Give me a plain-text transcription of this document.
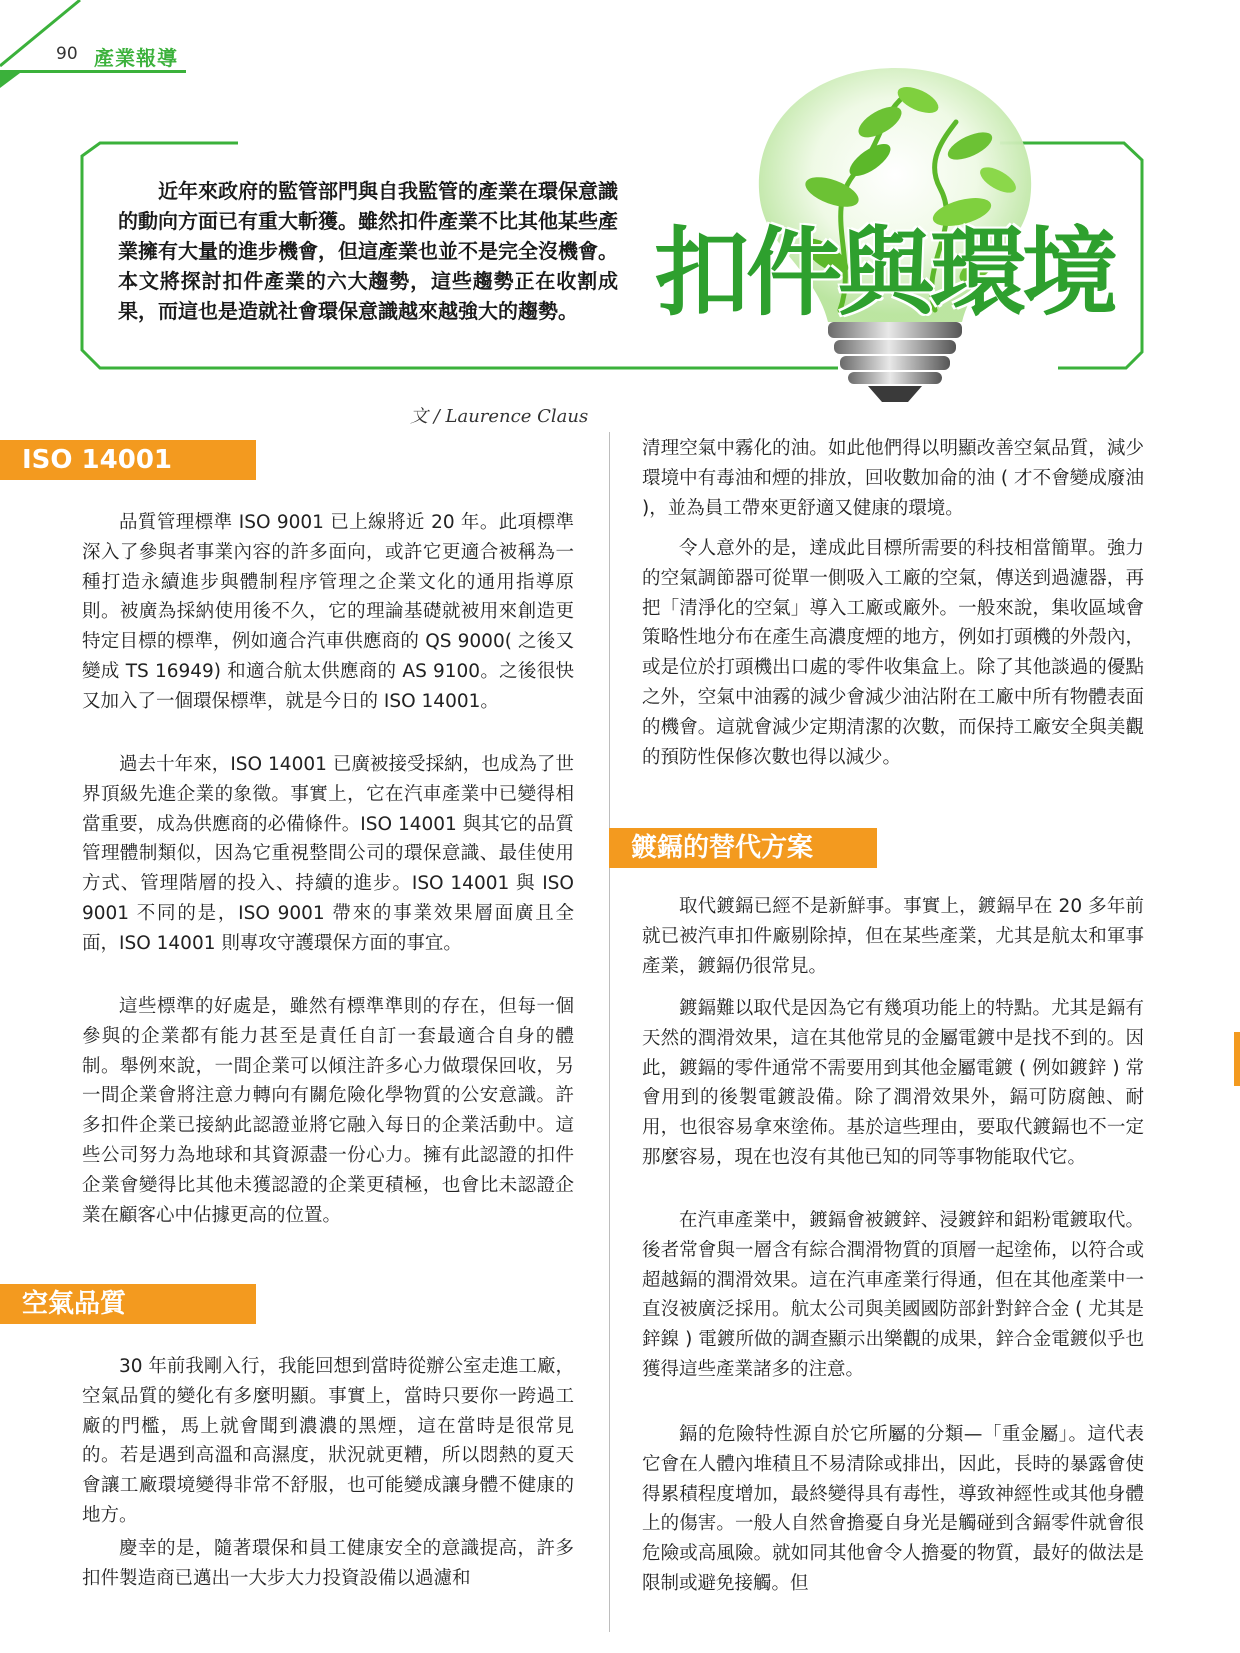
90 產業報導

近年來政府的監管部門與自我監管的產業在環保意識的動向方面已有重大斬獲。雖然扣件產業不比其他某些產業擁有大量的進步機會，但這產業也並不是完全沒機會。本文將探討扣件產業的六大趨勢，這些趨勢正在收割成果，而這也是造就社會環保意識越來越強大的趨勢。 扣件與環境
文 / Laurence Claus
ISO 14001

品質管理標準 ISO 9001 已上線將近 20 年。此項標準深入了參與者事業內容的許多面向，或許它更適合被稱為一種打造永續進步與體制程序管理之企業文化的通用指導原則。被廣為採納使用後不久，它的理論基礎就被用來創造更特定目標的標準，例如適合汽車供應商的 QS 9000( 之後又變成 TS 16949) 和適合航太供應商的 AS 9100。之後很快又加入了一個環保標準，就是今日的 ISO 14001。

過去十年來，ISO 14001 已廣被接受採納，也成為了世界頂級先進企業的象徵。事實上，它在汽車產業中已變得相當重要，成為供應商的必備條件。ISO 14001 與其它的品質管理體制類似，因為它重視整間公司的環保意識、最佳使用方式、管理階層的投入、持續的進步。ISO 14001 與 ISO 9001 不同的是，ISO 9001 帶來的事業效果層面廣且全面，ISO 14001 則專攻守護環保方面的事宜。

這些標準的好處是，雖然有標準準則的存在，但每一個參與的企業都有能力甚至是責任自訂一套最適合自身的體制。舉例來說，一間企業可以傾注許多心力做環保回收，另一間企業會將注意力轉向有關危險化學物質的公安意識。許多扣件企業已接納此認證並將它融入每日的企業活動中。這些公司努力為地球和其資源盡一份心力。擁有此認證的扣件企業會變得比其他未獲認證的企業更積極，也會比未認證企業在顧客心中佔據更高的位置。

空氣品質

30 年前我剛入行，我能回想到當時從辦公室走進工廠，空氣品質的變化有多麼明顯。事實上，當時只要你一跨過工廠的門檻，馬上就會聞到濃濃的黑煙，這在當時是很常見的。若是遇到高溫和高濕度，狀況就更糟，所以悶熱的夏天會讓工廠環境變得非常不舒服，也可能變成讓身體不健康的地方。

慶幸的是，隨著環保和員工健康安全的意識提高，許多扣件製造商已邁出一大步大力投資設備以過濾和

清理空氣中霧化的油。如此他們得以明顯改善空氣品質，減少環境中有毒油和煙的排放，回收數加侖的油 ( 才不會變成廢油 )，並為員工帶來更舒適又健康的環境。

令人意外的是，達成此目標所需要的科技相當簡單。強力的空氣調節器可從單一側吸入工廠的空氣，傳送到過濾器，再把「清淨化的空氣」導入工廠或廠外。一般來說，集收區域會策略性地分布在產生高濃度煙的地方，例如打頭機的外殼內，或是位於打頭機出口處的零件收集盒上。除了其他談過的優點之外，空氣中油霧的減少會減少油沾附在工廠中所有物體表面的機會。這就會減少定期清潔的次數，而保持工廠安全與美觀的預防性保修次數也得以減少。

鍍鎘的替代方案

取代鍍鎘已經不是新鮮事。事實上，鍍鎘早在 20 多年前就已被汽車扣件廠剔除掉，但在某些產業，尤其是航太和軍事產業，鍍鎘仍很常見。

鍍鎘難以取代是因為它有幾項功能上的特點。尤其是鎘有天然的潤滑效果，這在其他常見的金屬電鍍中是找不到的。因此，鍍鎘的零件通常不需要用到其他金屬電鍍 ( 例如鍍鋅 ) 常會用到的後製電鍍設備。除了潤滑效果外，鎘可防腐蝕、耐用，也很容易拿來塗佈。基於這些理由，要取代鍍鎘也不一定那麼容易，現在也沒有其他已知的同等事物能取代它。

在汽車產業中，鍍鎘會被鍍鋅、浸鍍鋅和鋁粉電鍍取代。後者常會與一層含有綜合潤滑物質的頂層一起塗佈，以符合或超越鎘的潤滑效果。這在汽車產業行得通，但在其他產業中一直沒被廣泛採用。航太公司與美國國防部針對鋅合金 ( 尤其是鋅鎳 ) 電鍍所做的調查顯示出樂觀的成果，鋅合金電鍍似乎也獲得這些產業諸多的注意。

鎘的危險特性源自於它所屬的分類—「重金屬」。這代表它會在人體內堆積且不易清除或排出，因此，長時的暴露會使得累積程度增加，最終變得具有毒性，導致神經性或其他身體上的傷害。一般人自然會擔憂自身光是觸碰到含鎘零件就會很危險或高風險。就如同其他會令人擔憂的物質，最好的做法是限制或避免接觸。但
